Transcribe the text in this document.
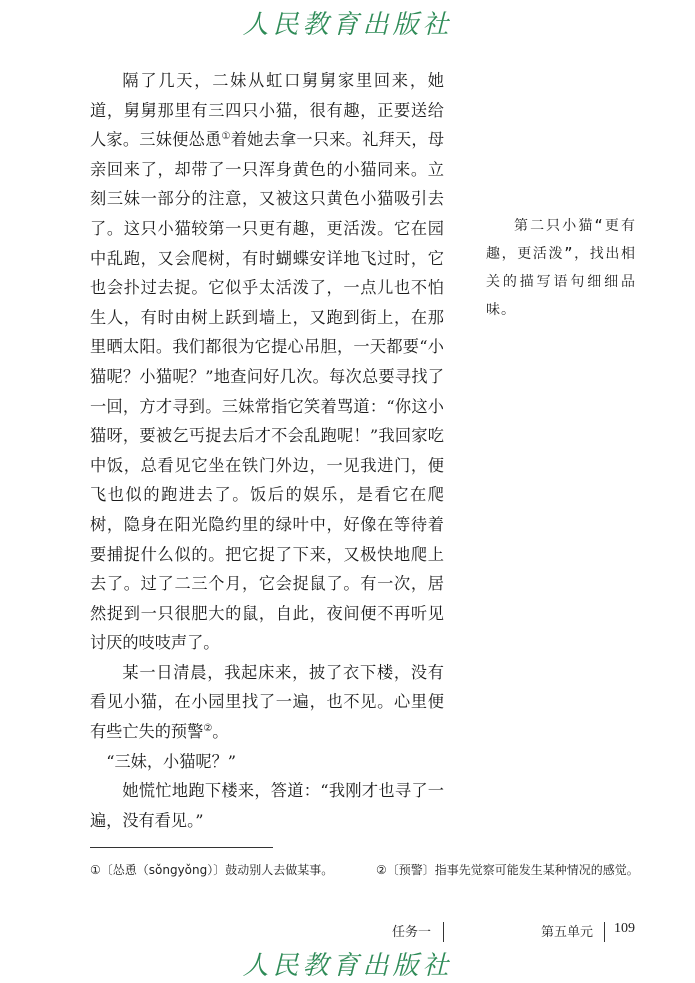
人民教育出版社

隔了几天，二妹从虹口舅舅家里回来，她道，舅舅那里有三四只小猫，很有趣，正要送给人家。三妹便怂恿①着她去拿一只来。礼拜天，母亲回来了，却带了一只浑身黄色的小猫同来。立刻三妹一部分的注意，又被这只黄色小猫吸引去了。这只小猫较第一只更有趣，更活泼。它在园中乱跑，又会爬树，有时蝴蝶安详地飞过时，它也会扑过去捉。它似乎太活泼了，一点儿也不怕生人，有时由树上跃到墙上，又跑到街上，在那里晒太阳。我们都很为它提心吊胆，一天都要“小猫呢？小猫呢？”地查问好几次。每次总要寻找了一回，方才寻到。三妹常指它笑着骂道：“你这小猫呀，要被乞丐捉去后才不会乱跑呢！”我回家吃中饭，总看见它坐在铁门外边，一见我进门，便飞也似的跑进去了。饭后的娱乐，是看它在爬树，隐身在阳光隐约里的绿叶中，好像在等待着要捕捉什么似的。把它捉了下来，又极快地爬上去了。过了二三个月，它会捉鼠了。有一次，居然捉到一只很肥大的鼠，自此，夜间便不再听见讨厌的吱吱声了。

某一日清晨，我起床来，披了衣下楼，没有看见小猫，在小园里找了一遍，也不见。心里便有些亡失的预警②。

“三妹，小猫呢？”

她慌忙地跑下楼来，答道：“我刚才也寻了一遍，没有看见。”

第二只小猫“更有趣，更活泼”，找出相关的描写语句细细品味。

①〔怂恿（sǒngyǒng）〕鼓动别人去做某事。	②〔预警〕指事先觉察可能发生某种情况的感觉。
任务一	第五单元 109
人民教育出版社
